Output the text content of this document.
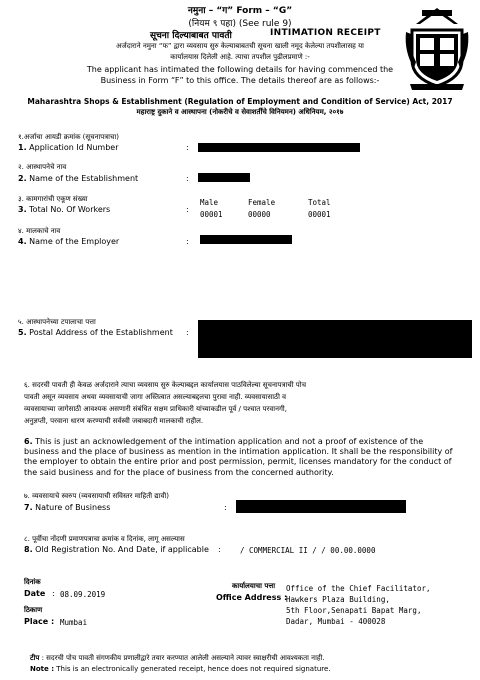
नमुना – “ग” Form – “G”
(नियम ९ पहा) (See rule 9)
सूचना दिल्याबाबत पावती	INTIMATION RECEIPT
अर्जदाराने नमुना “फ” द्वारा व्यवसाय सुरु केल्याबाबतची सूचना खाली नमूद केलेल्या तपशीलासह या
कार्यालयास दिलेली आहे. त्याचा तपशील पुढीलप्रमाणे :-
The applicant has intimated the following details for having commenced the
Business in Form “F” to this office. The details thereof are as follows:-
Maharashtra Shops & Establishment (Regulation of Employment and Condition of Service) Act, 2017
महाराष्ट्र दुकाने व आस्थापना (नोकरीचे व सेवाशर्तींचे विनियमन) अधिनियम, २०१७
१.अर्जाचा आयडी क्रमांक (सूचनापत्राचा)
1. Application Id Number	:
२. आस्थापनेचे नाव
2. Name of the Establishment	:
३. कामगारांची एकूण संख्या
3. Total No. Of Workers	:
Male	Female	Total
00001	00000	00001
४. मालकाचे नाव
4. Name of the Employer	:
५. आस्थापनेच्या टपालाचा पत्ता
5. Postal Address of the Establishment :
६. सदरची पावती ही केवळ अर्जदाराने त्याचा व्यवसाय सुरु केल्याबद्दल कार्यालयास पाठविलेल्या सूचनापत्राची पोच
पावती असून व्यवसाय अथवा व्यवसायाची जागा अस्तित्वात असल्याबद्दलचा पुरावा नाही. व्यवसायासाठी व
व्यवसायाच्या जागेसाठी आवश्यक असणारी संबंधित सक्षम प्राधिकारी यांच्याकडील पूर्व / पश्चात परवानगी,
अनुज्ञप्ती, परवाना धारण करण्याची सर्वस्वी जबाबदारी मालकाची राहील.
6. This is just an acknowledgement of the intimation application and not a proof of existence of the business and the place of business as mention in the intimation application. It shall be the responsibility of the employer to obtain the entire prior and post permission, permit, licenses mandatory for the conduct of the said business and for the place of business from the concerned authority.
७. व्यवसायाचे स्वरुप (व्यवसायाची सविस्तर माहिती द्यावी)
7. Nature of Business	:
८. पूर्वीचा नोंदणी प्रमाणपत्राचा क्रमांक व दिनांक, लागू असल्यास
8. Old Registration No. And Date, if applicable :	/ COMMERCIAL II / / 00.00.0000
दिनांक
Date : 08.09.2019
ठिकाण
Place : Mumbai
कार्यालयाचा पत्ता
Office Address :
Office of the Chief Facilitator,
Hawkers Plaza Building,
5th Floor,Senapati Bapat Marg,
Dadar, Mumbai - 400028
टीप : सदरची पोच पावती संगणकीय प्रणालीद्वारे तयार करण्यात आलेली असल्याने त्यावर स्वाक्षरीची आवश्यकता नाही.
Note : This is an electronically generated receipt, hence does not required signature.
